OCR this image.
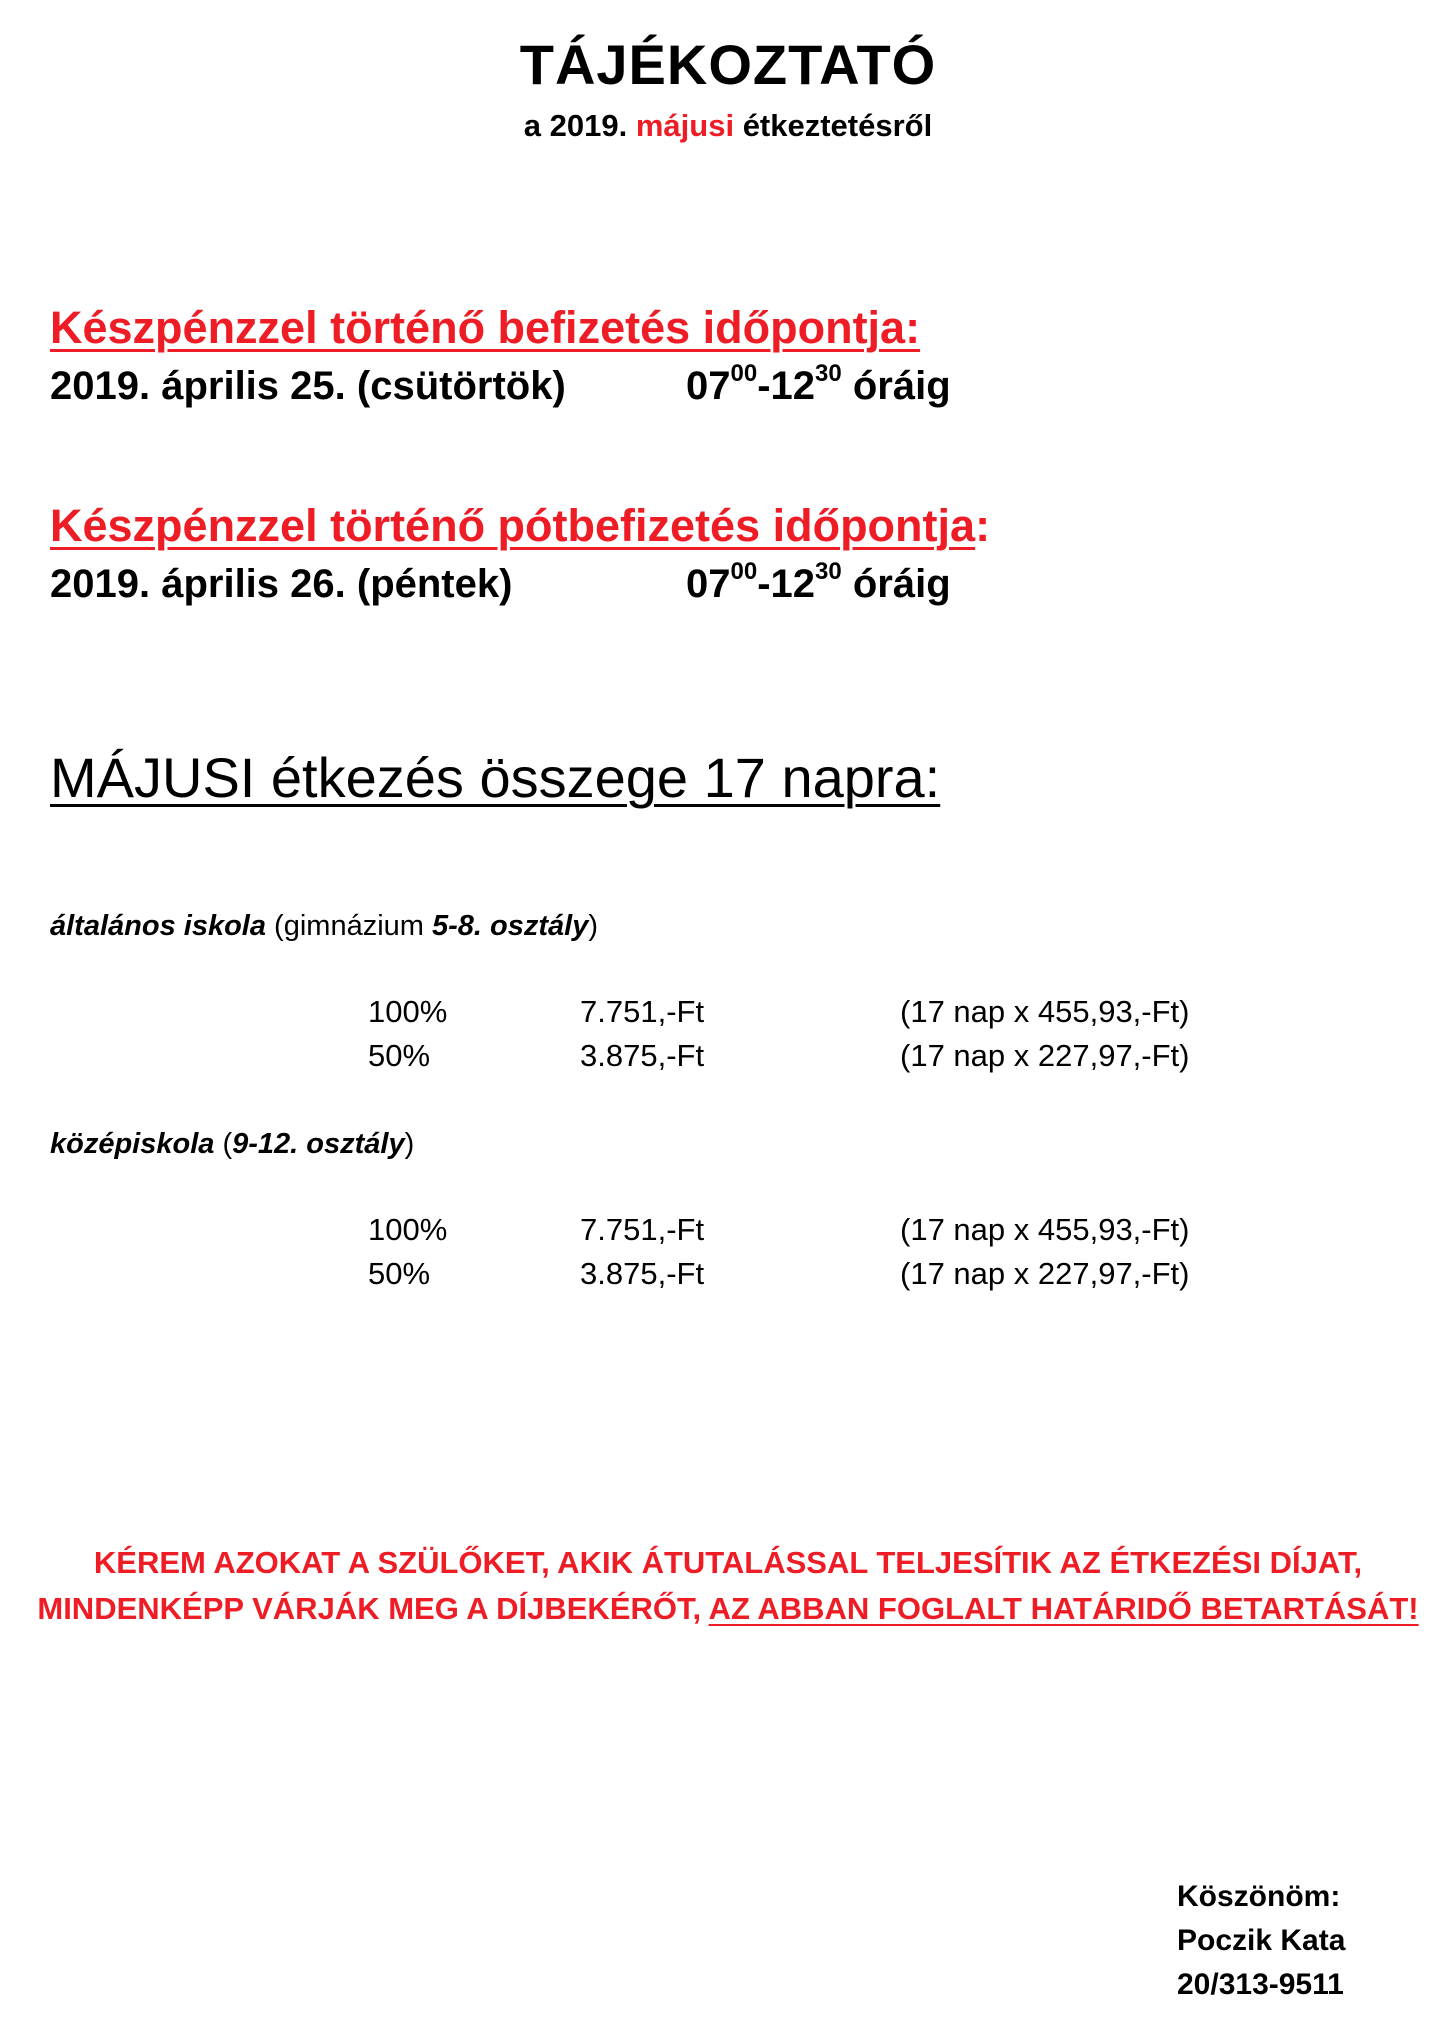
TÁJÉKOZTATÓ
a 2019. májusi étkeztetésről
Készpénzzel történő befizetés időpontja:
2019. április 25. (csütörtök)	$07^{00}-12^{30}$ óráig
Készpénzzel történő pótbefizetés időpontja:
2019. április 26. (péntek)	$07^{00}-12^{30}$ óráig
MÁJUSI étkezés összege 17 napra:
általános iskola (gimnázium 5-8. osztály)
100%	7.751,-Ft	(17 nap x 455,93,-Ft)
50%	3.875,-Ft	(17 nap x 227,97,-Ft)
középiskola (9-12. osztály)
100%	7.751,-Ft	(17 nap x 455,93,-Ft)
50%	3.875,-Ft	(17 nap x 227,97,-Ft)
KÉREM AZOKAT A SZÜLŐKET, AKIK ÁTUTALÁSSAL TELJESÍTIK AZ ÉTKEZÉSI DÍJAT, MINDENKÉPP VÁRJÁK MEG A DÍJBEKÉRŐT, AZ ABBAN FOGLALT HATÁRIDŐ BETARTÁSÁT!
Köszönöm:
Poczik Kata
20/313-9511
